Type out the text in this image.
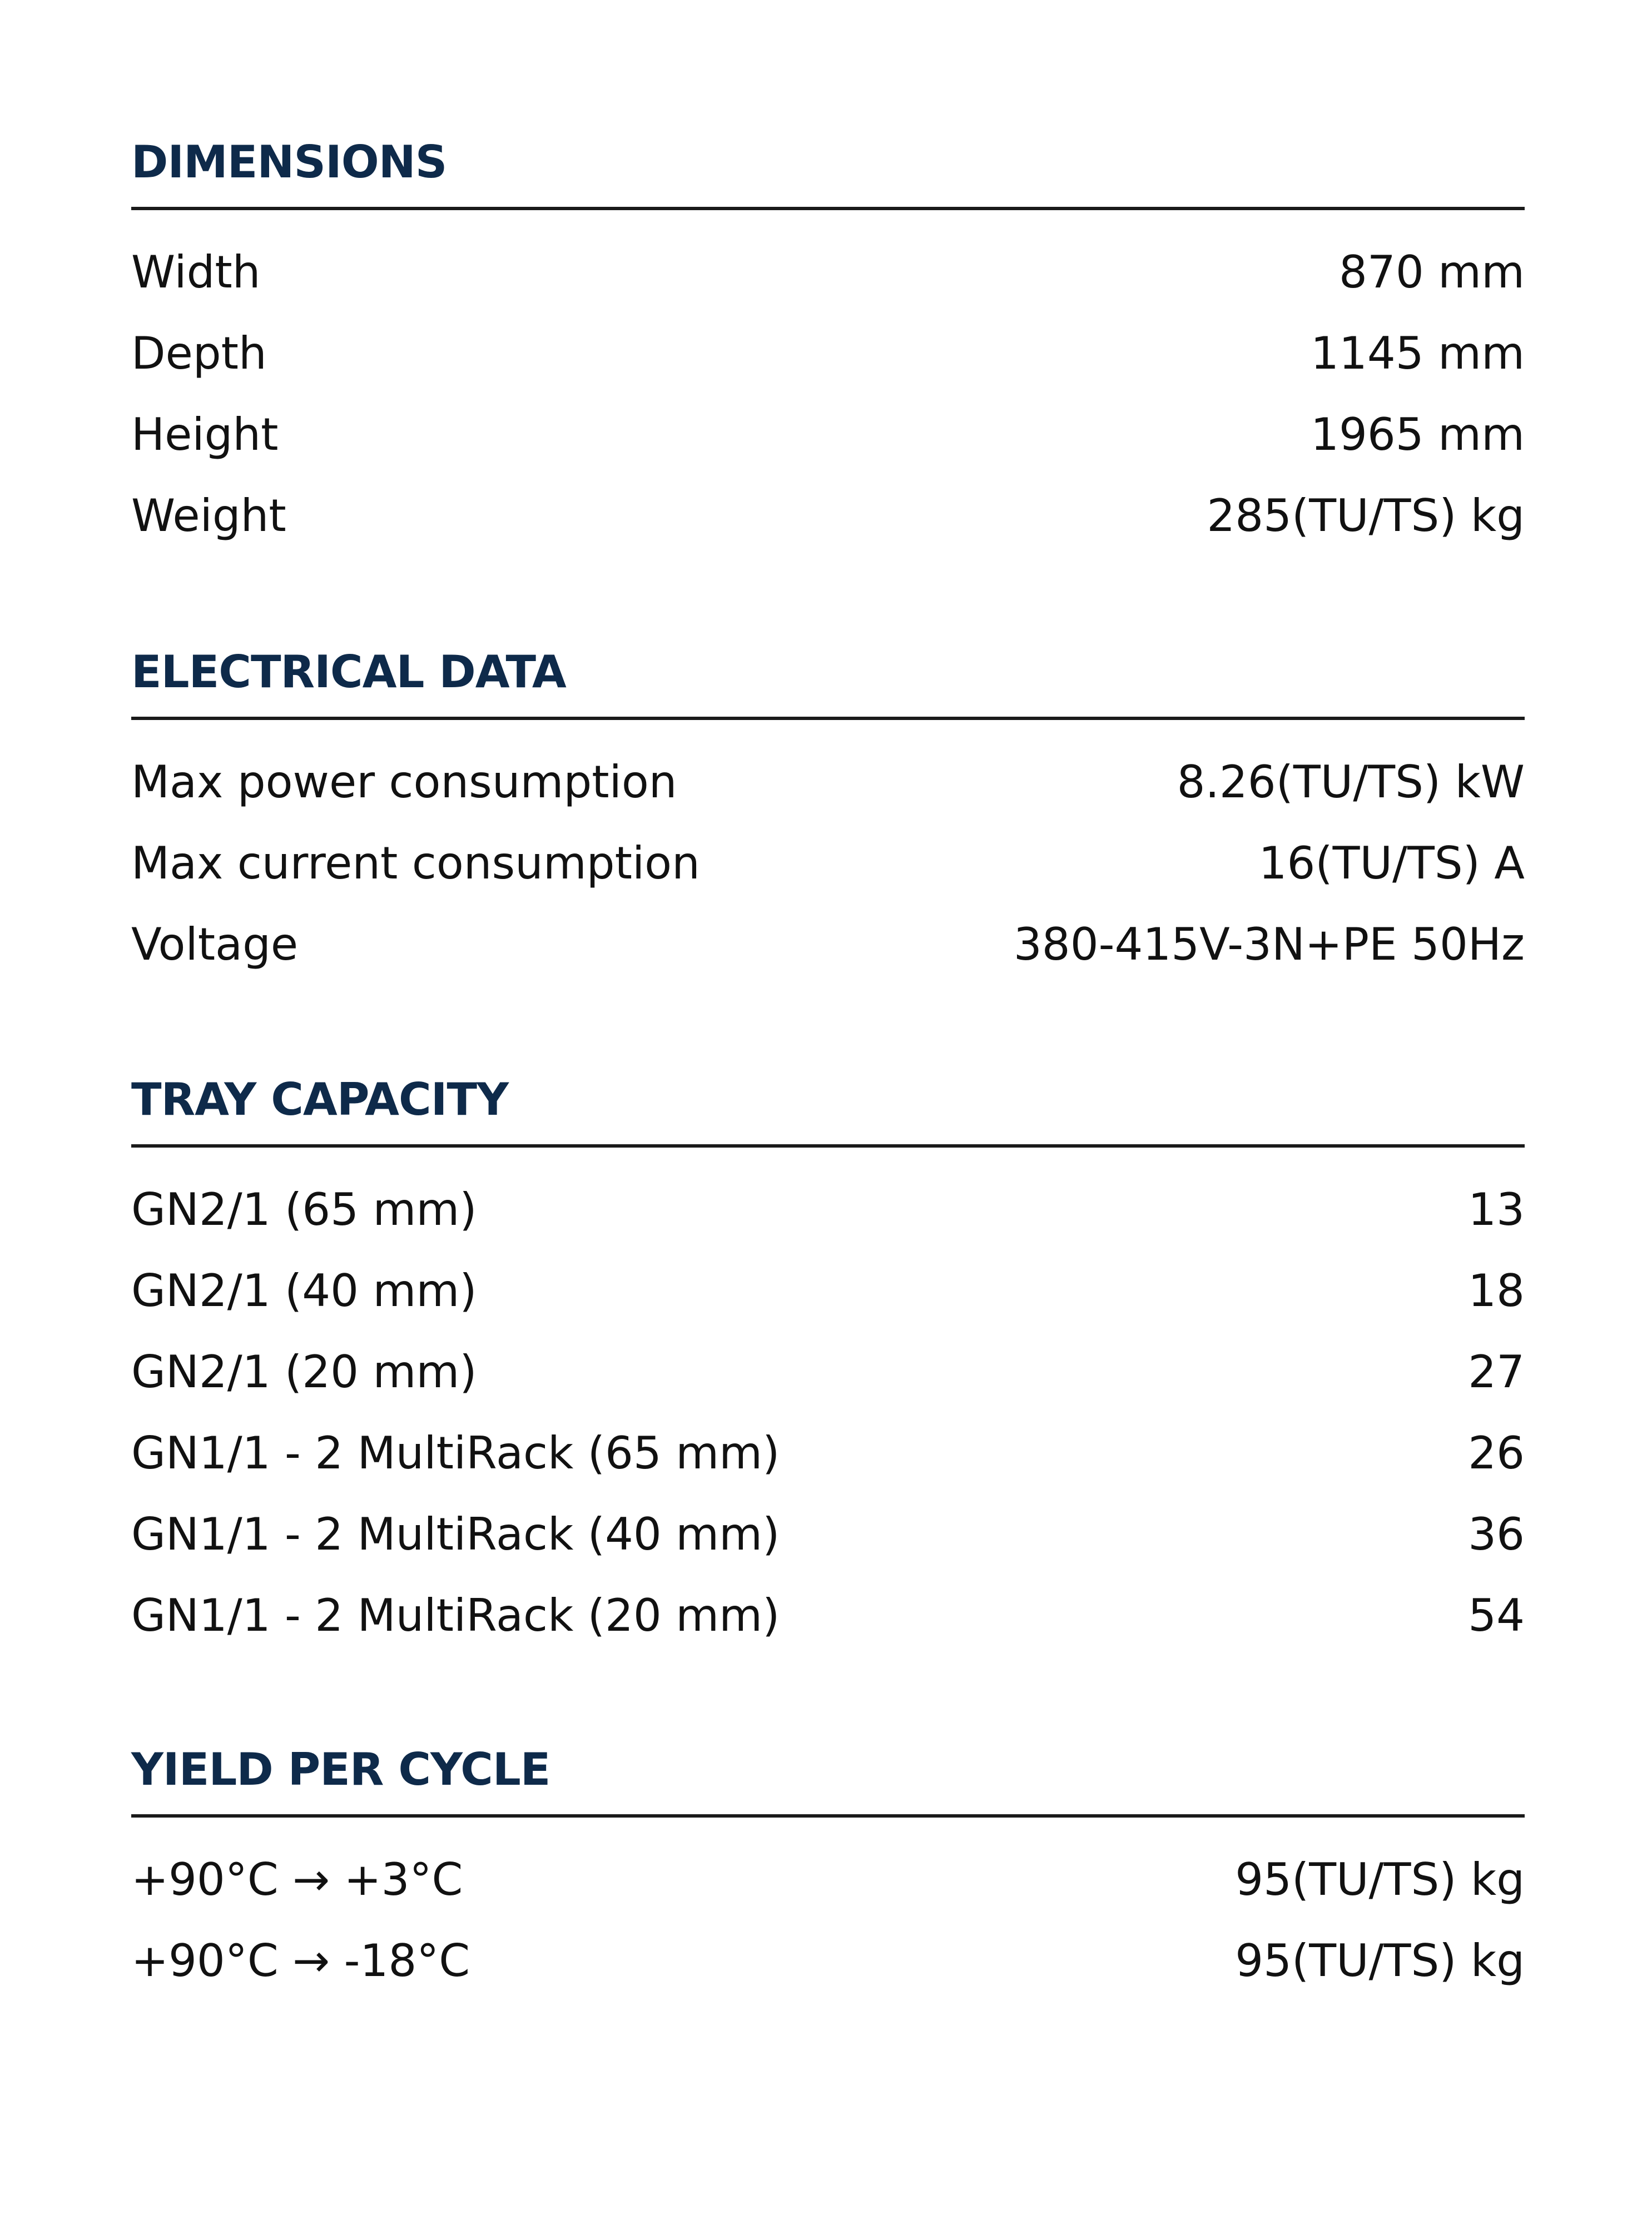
DIMENSIONS
Width	870 mm
Depth	1145 mm
Height	1965 mm
Weight	285(TU/TS) kg
ELECTRICAL DATA
Max power consumption	8.26(TU/TS) kW
Max current consumption	16(TU/TS) A
Voltage	380-415V-3N+PE 50Hz
TRAY CAPACITY
GN2/1 (65 mm)	13
GN2/1 (40 mm)	18
GN2/1 (20 mm)	27
GN1/1 - 2 MultiRack (65 mm)	26
GN1/1 - 2 MultiRack (40 mm)	36
GN1/1 - 2 MultiRack (20 mm)	54
YIELD PER CYCLE
+90°C → +3°C	95(TU/TS) kg
+90°C → -18°C	95(TU/TS) kg
